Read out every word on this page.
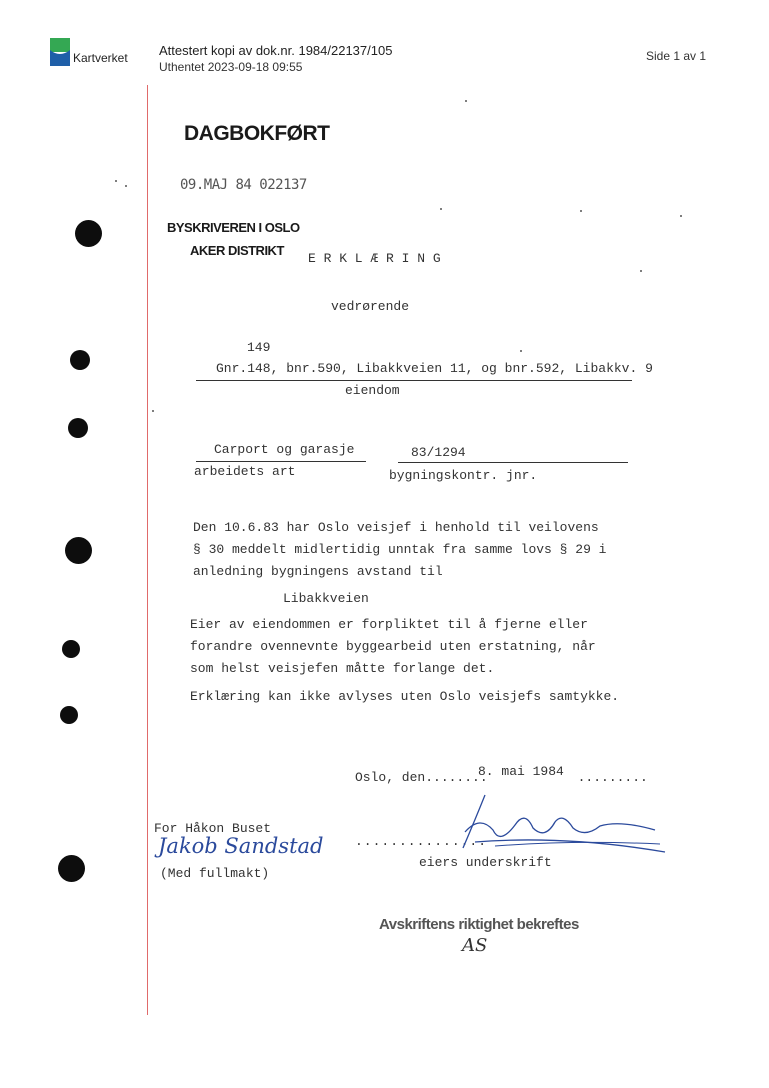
Kartverket Attestert kopi av dok.nr. 1984/22137/105
Uthentet 2023-09-18 09:55
Side 1 av 1
DAGBOKFØRT
09.MAJ 84 022137
BYSKRIVEREN I OSLO
AKER DISTRIKT
E R K L Æ R I N G
vedrørende
149
Gnr.148, bnr.590, Libakkveien 11, og bnr.592, Libakkv. 9
eiendom
Carport og garasje
arbeidets art
83/1294
bygningskontr. jnr.
Den 10.6.83 har Oslo veisjef i henhold til veilovens
§ 30 meddelt midlertidig unntak fra samme lovs § 29 i
anledning bygningens avstand til
Libakkveien
Eier av eiendommen er forpliktet til å fjerne eller
forandre ovennevnte byggearbeid uten erstatning, når
som helst veisjefen måtte forlange det.
Erklæring kan ikke avlyses uten Oslo veisjefs samtykke.
Oslo, den........	.........
8. mai 1984
...............
eiers underskrift
For Håkon Buset
Jakob Sandstad
(Med fullmakt)
Avskriftens riktighet bekreftes
AS
